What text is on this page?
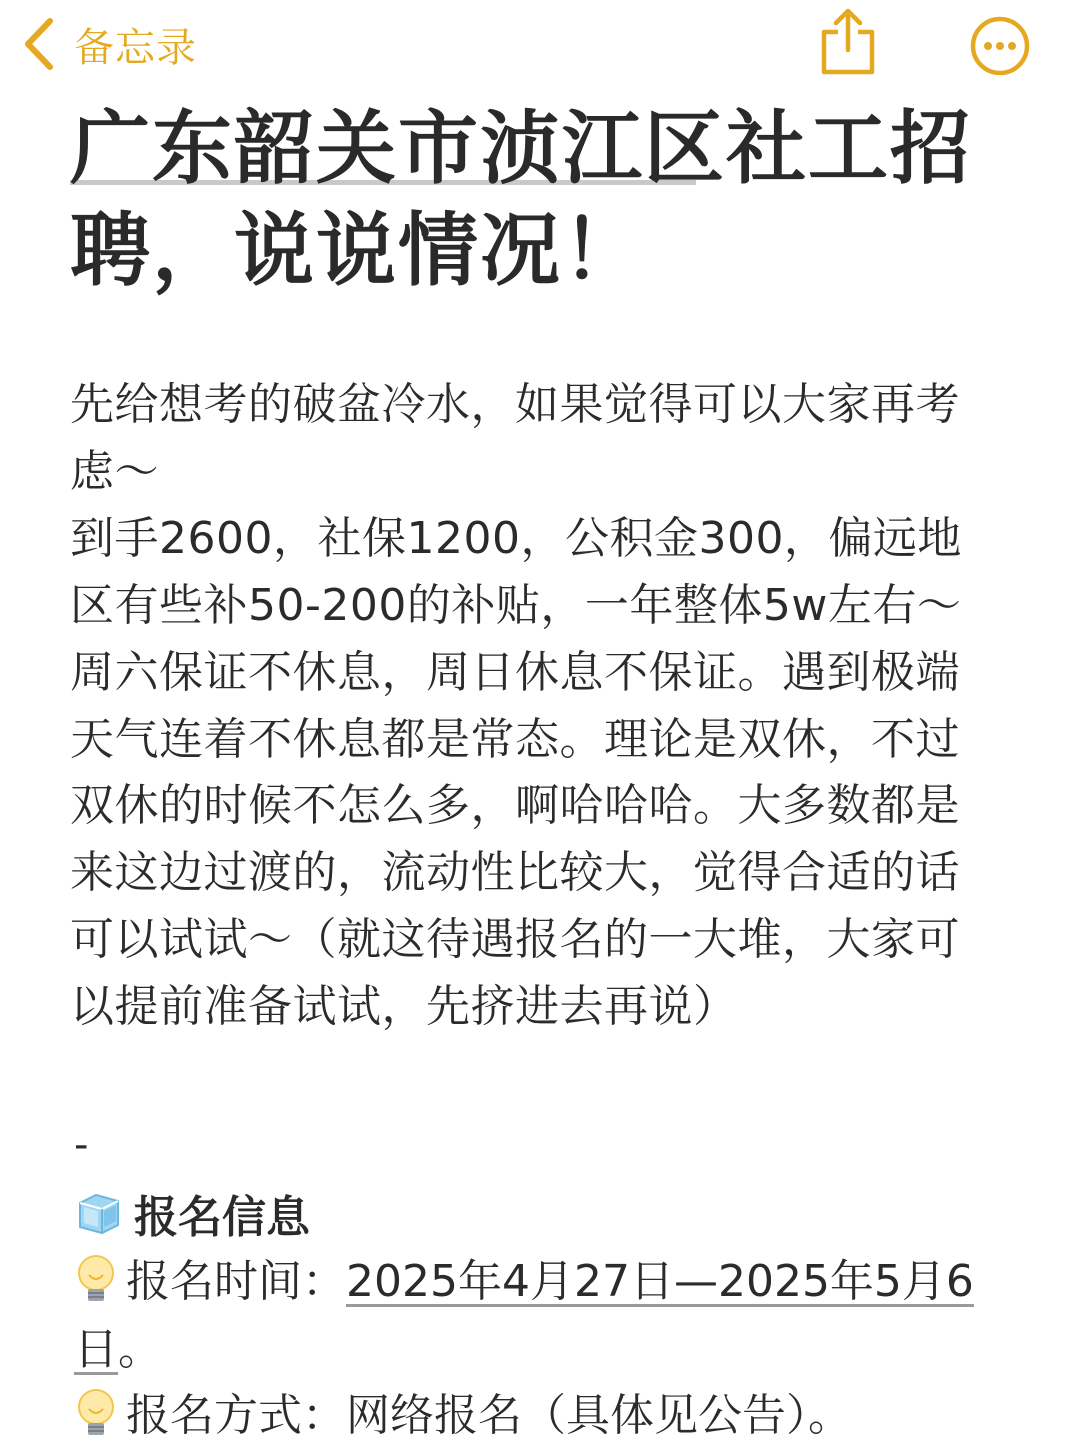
备忘录
广东韶关市浈江区社工招聘，说说情况！
先给想考的破盆冷水，如果觉得可以大家再考虑～
到手2600，社保1200，公积金300，偏远地区有些补50-200的补贴，一年整体5w左右～周六保证不休息，周日休息不保证。遇到极端天气连着不休息都是常态。理论是双休，不过双休的时候不怎么多，啊哈哈哈。大多数都是来这边过渡的，流动性比较大，觉得合适的话可以试试～（就这待遇报名的一大堆，大家可以提前准备试试，先挤进去再说）
-
报名信息
报名时间：2025年4月27日—2025年5月6日。
报名方式：网络报名（具体见公告）。
